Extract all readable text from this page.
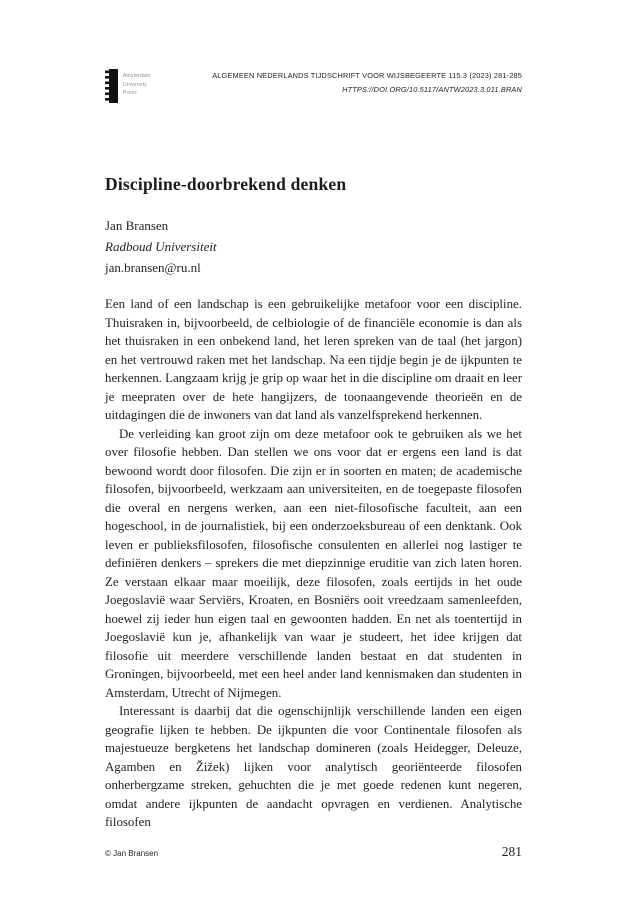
Amsterdam
University
Press
ALGEMEEN NEDERLANDS TIJDSCHRIFT VOOR WIJSBEGEERTE 115.3 (2023) 281-285
HTTPS://DOI.ORG/10.5117/ANTW2023.3.011.BRAN
Discipline-doorbrekend denken
Jan Bransen
Radboud Universiteit
jan.bransen@ru.nl

Een land of een landschap is een gebruikelijke metafoor voor een discipline. Thuisraken in, bijvoorbeeld, de celbiologie of de financiële economie is dan als het thuisraken in een onbekend land, het leren spreken van de taal (het jargon) en het vertrouwd raken met het landschap. Na een tijdje begin je de ijkpunten te herkennen. Langzaam krijg je grip op waar het in die discipline om draait en leer je meepraten over de hete hangijzers, de toonaangevende theorieën en de uitdagingen die de inwoners van dat land als vanzelfsprekend herkennen.

De verleiding kan groot zijn om deze metafoor ook te gebruiken als we het over filosofie hebben. Dan stellen we ons voor dat er ergens een land is dat bewoond wordt door filosofen. Die zijn er in soorten en maten; de academische filosofen, bijvoorbeeld, werkzaam aan universiteiten, en de toegepaste filosofen die overal en nergens werken, aan een niet-filosofische faculteit, aan een hogeschool, in de journalistiek, bij een onderzoeksbureau of een denktank. Ook leven er publieksfilosofen, filosofische consulenten en allerlei nog lastiger te definiëren denkers – sprekers die met diepzinnige eruditie van zich laten horen. Ze verstaan elkaar maar moeilijk, deze filosofen, zoals eertijds in het oude Joegoslavië waar Serviërs, Kroaten, en Bosniërs ooit vreedzaam samenleefden, hoewel zij ieder hun eigen taal en gewoonten hadden. En net als toentertijd in Joegoslavië kun je, afhankelijk van waar je studeert, het idee krijgen dat filosofie uit meerdere verschillende landen bestaat en dat studenten in Groningen, bijvoorbeeld, met een heel ander land kennismaken dan studenten in Amsterdam, Utrecht of Nijmegen.

Interessant is daarbij dat die ogenschijnlijk verschillende landen een eigen geografie lijken te hebben. De ijkpunten die voor Continentale filosofen als majestueuze bergketens het landschap domineren (zoals Heidegger, Deleuze, Agamben en Žižek) lijken voor analytisch georiënteerde filosofen onherbergzame streken, gehuchten die je met goede redenen kunt negeren, omdat andere ijkpunten de aandacht opvragen en verdienen. Analytische filosofen

© Jan Bransen	281
